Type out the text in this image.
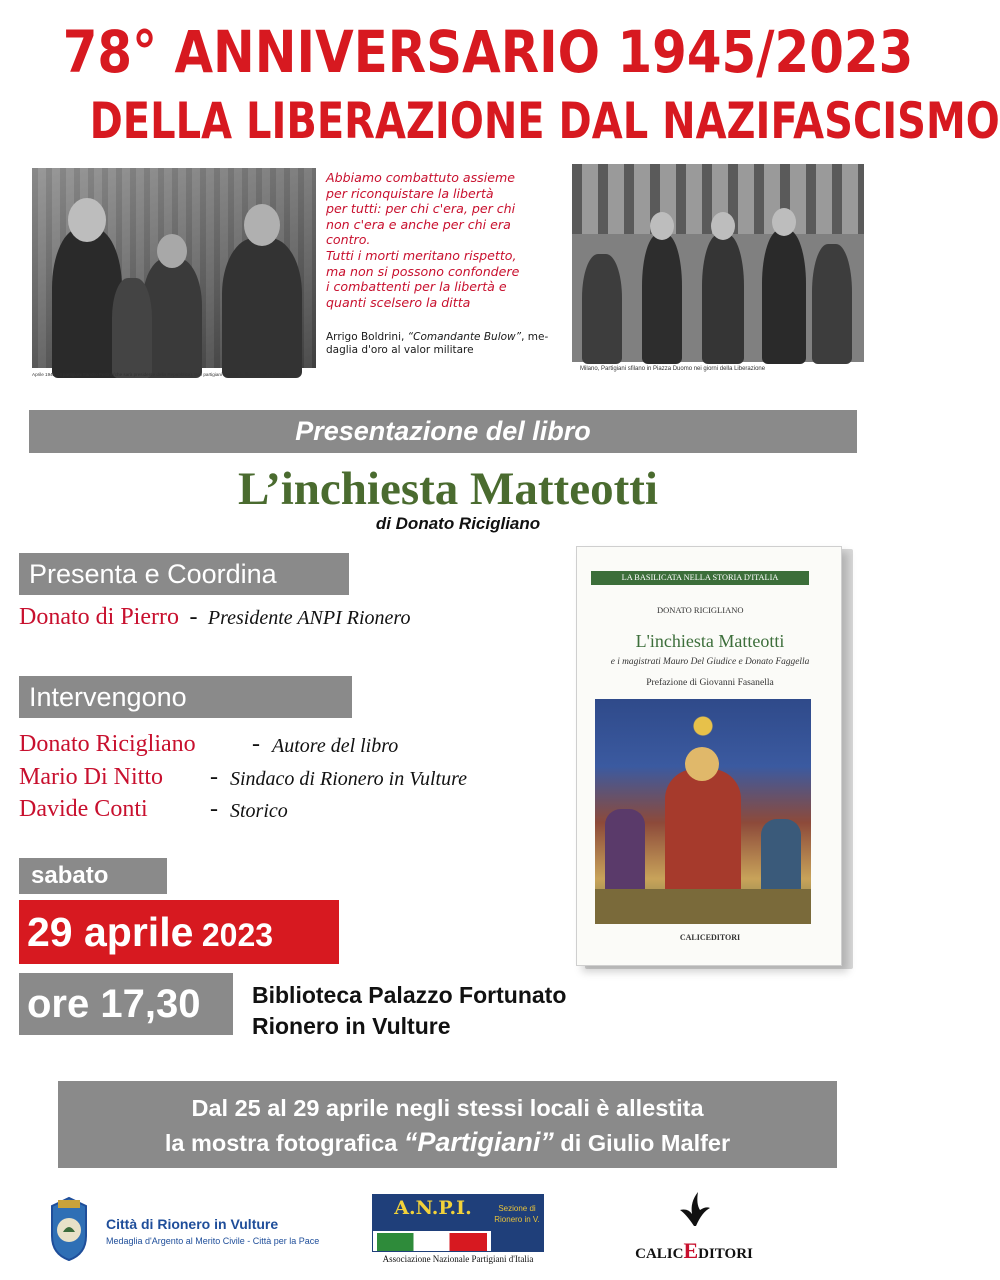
78° ANNIVERSARIO 1945/2023
DELLA LIBERAZIONE DAL NAZIFASCISMO
Aprile 1945 – I partigiani Sandro Pertini (che sarà presidente della Repubblica), tra i partigiani durante la liberazione di Milano
Abbiamo combattuto assieme
per riconquistare la libertà
per tutti: per chi c'era, per chi
non c'era e anche per chi era
contro.
Tutti i morti meritano rispetto,
ma non si possono confondere
i combattenti per la libertà e
quanti scelsero la ditta
Arrigo Boldrini, “Comandante Bulow”, me-
daglia d'oro al valor militare
Milano, Partigiani sfilano in Piazza Duomo nei giorni della Liberazione
Presentazione del libro
L’inchiesta Matteotti
di Donato Ricigliano
Presenta e Coordina
Donato di Pierro - Presidente ANPI Rionero
Intervengono
Donato Ricigliano - Autore del libro
Mario Di Nitto - Sindaco di Rionero in Vulture
Davide Conti	- Storico
sabato
29 aprile 2023
ore 17,30	Biblioteca Palazzo Fortunato
Rionero in Vulture
LA BASILICATA NELLA STORIA D'ITALIA
DONATO RICIGLIANO
L'inchiesta Matteotti
e i magistrati Mauro Del Giudice e Donato Faggella
Prefazione di Giovanni Fasanella
CALICEDITORI
Dal 25 al 29 aprile negli stessi locali è allestita
la mostra fotografica “Partigiani” di Giulio Malfer
Città di Rionero in Vulture
Medaglia d'Argento al Merito Civile - Città per la Pace
A.N.P.I.	Sezione di Rionero in V.
Associazione Nazionale Partigiani d'Italia	CALICEDITORI
